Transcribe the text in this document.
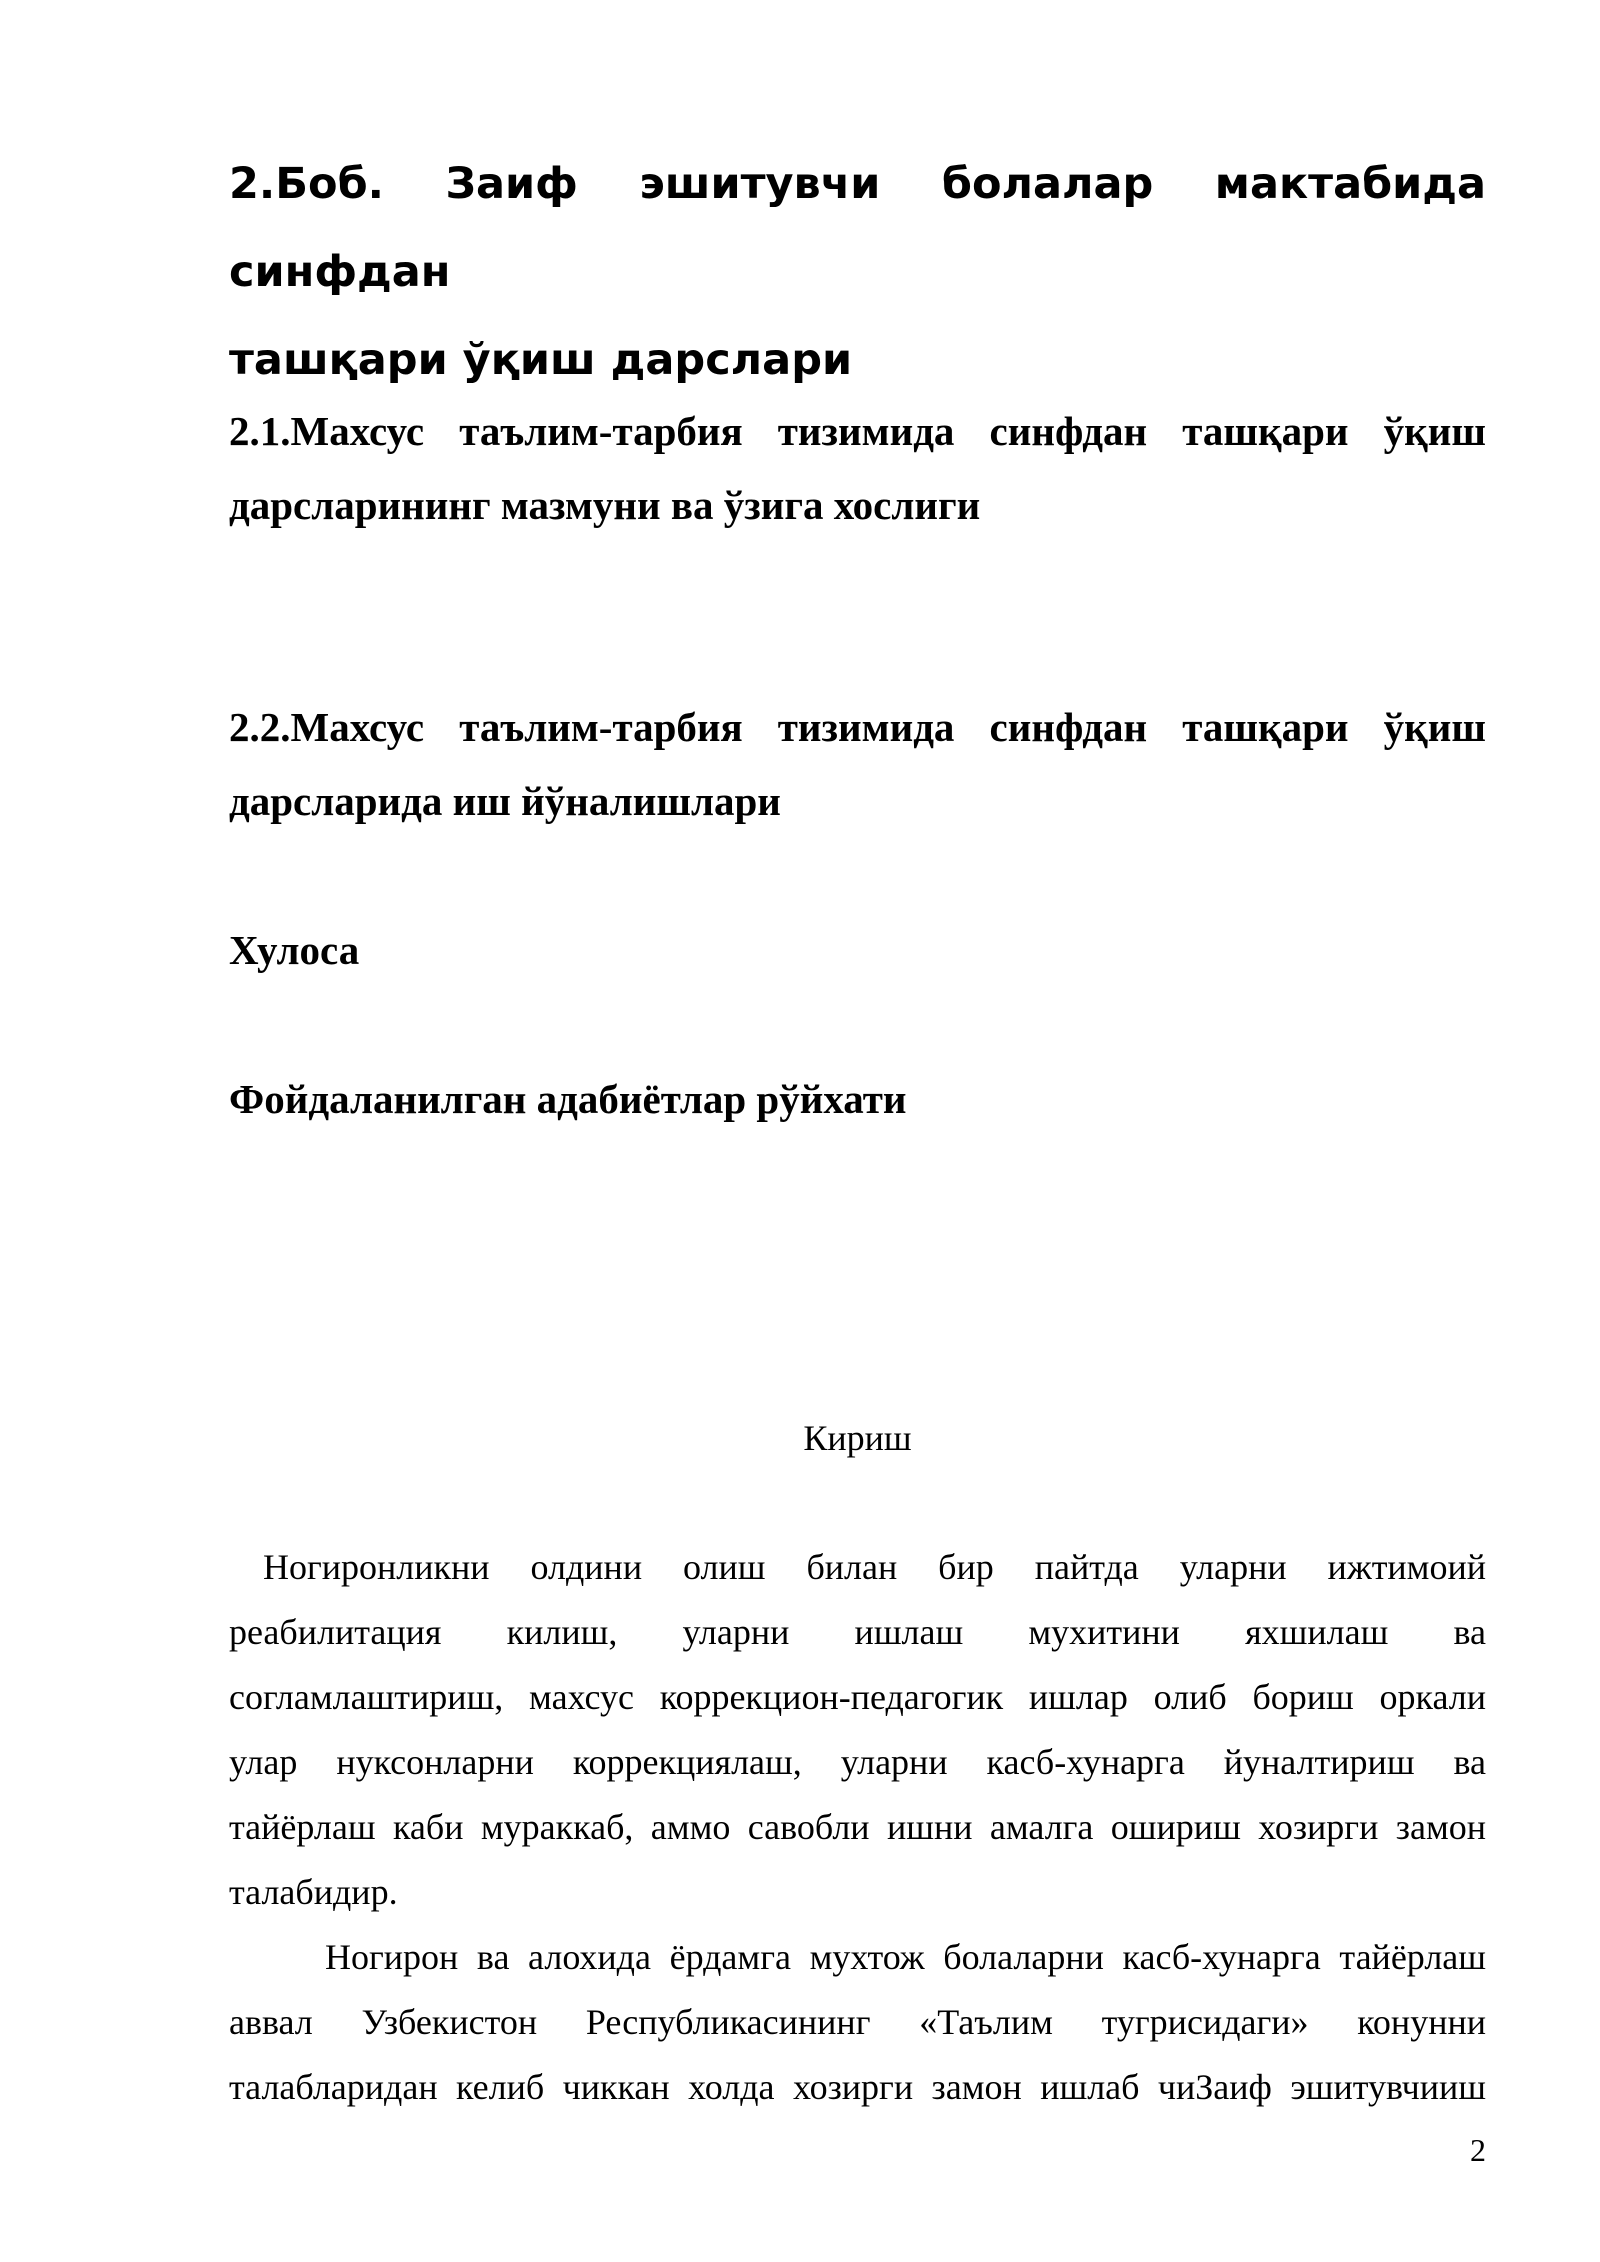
2.Боб. Заиф эшитувчи болалар мактабида синфдан
ташқари ўқиш дарслари
2.1.Махсус таълим-тарбия тизимида синфдан ташқари ўқиш
дарсларининг мазмуни ва ўзига хослиги
2.2.Махсус таълим-тарбия тизимида синфдан ташқари ўқиш
дарсларида иш йўналишлари
Хулоса
Фойдаланилган адабиётлар рўйхати
Кириш
Ногиронликни олдини олиш билан бир пайтда уларни ижтимоий
реабилитация килиш, уларни ишлаш мухитини яхшилаш ва
согламлаштириш, махсус коррекцион-педагогик ишлар олиб бориш оркали
улар нуксонларни коррекциялаш, уларни касб-хунарга йуналтириш ва
тайёрлаш каби мураккаб, аммо савобли ишни амалга ошириш хозирги замон
талабидир.
Ногирон ва алохида ёрдамга мухтож болаларни касб-хунарга тайёрлаш
аввал Узбекистон Республикасининг «Таълим тугрисидаги» конунни
талабларидан келиб чиккан холда хозирги замон ишлаб чиЗаиф эшитувчииш
2
